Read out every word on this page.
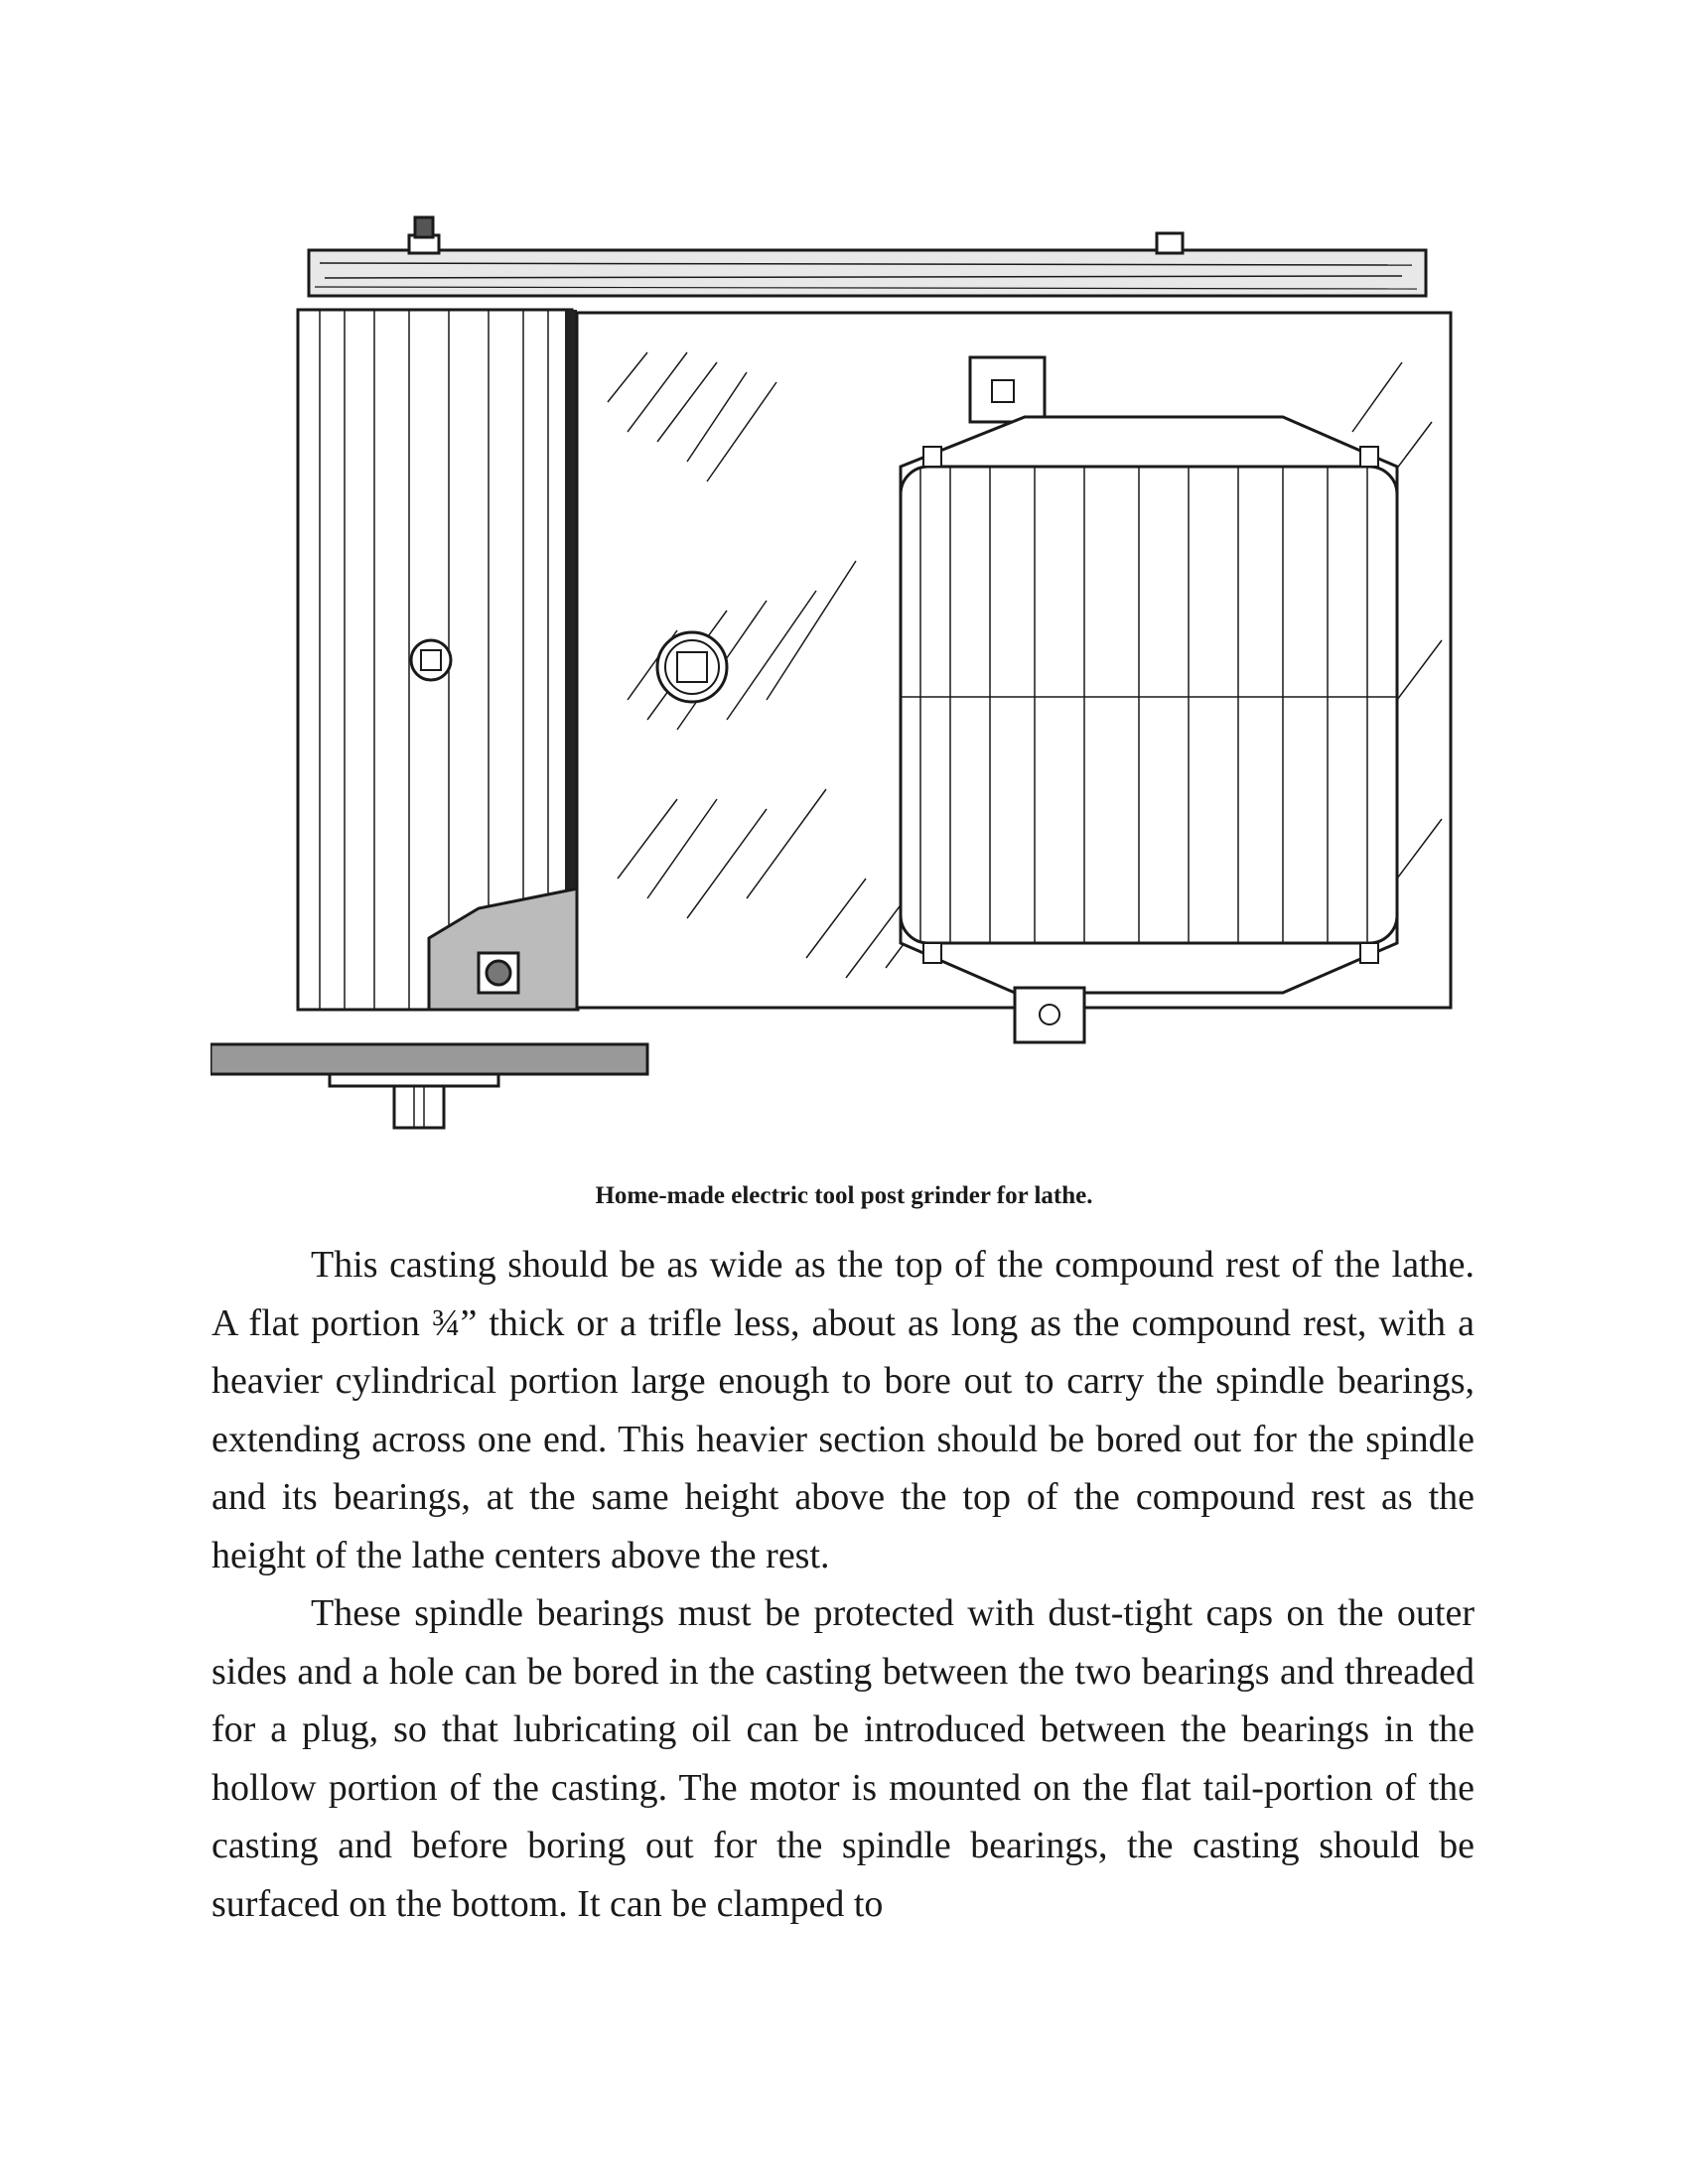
Home-made electric tool post grinder for lathe.

This casting should be as wide as the top of the compound rest of the lathe. A flat portion ¾” thick or a trifle less, about as long as the compound rest, with a heavier cylindrical portion large enough to bore out to carry the spindle bearings, extending across one end. This heavier section should be bored out for the spindle and its bearings, at the same height above the top of the compound rest as the height of the lathe centers above the rest.

These spindle bearings must be protected with dust-tight caps on the outer sides and a hole can be bored in the casting between the two bearings and threaded for a plug, so that lubricating oil can be introduced between the bearings in the hollow portion of the casting. The motor is mounted on the flat tail-portion of the casting and before boring out for the spindle bearings, the casting should be surfaced on the bottom. It can be clamped to
